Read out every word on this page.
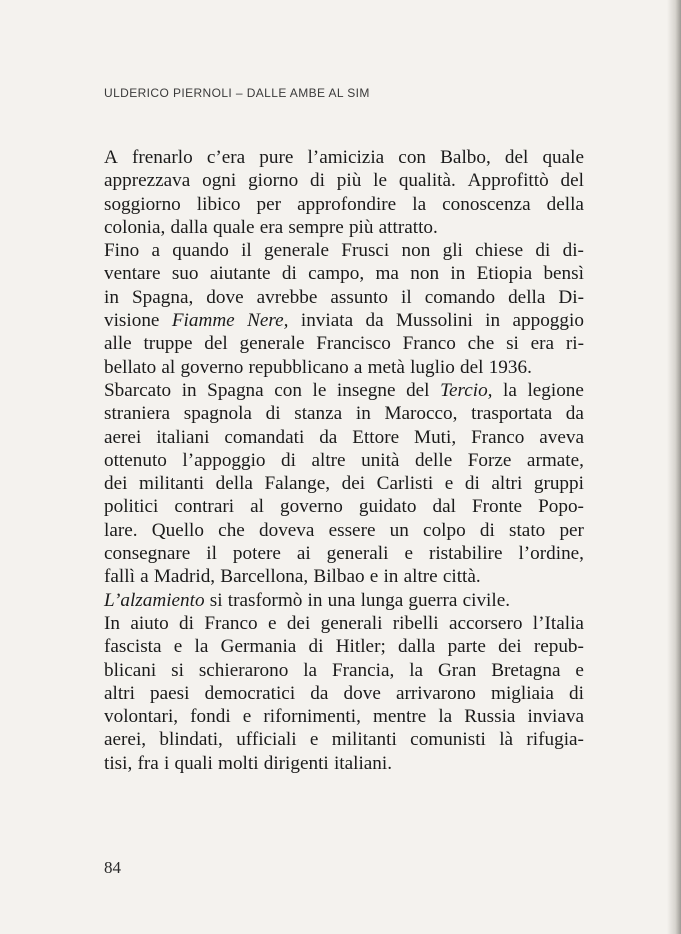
ULDERICO PIERNOLI – DALLE AMBE AL SIM
A frenarlo c’era pure l’amicizia con Balbo, del quale
apprezzava ogni giorno di più le qualità. Approfittò del
soggiorno libico per approfondire la conoscenza della
colonia, dalla quale era sempre più attratto.
Fino a quando il generale Frusci non gli chiese di di-
ventare suo aiutante di campo, ma non in Etiopia bensì
in Spagna, dove avrebbe assunto il comando della Di-
visione Fiamme Nere, inviata da Mussolini in appoggio
alle truppe del generale Francisco Franco che si era ri-
bellato al governo repubblicano a metà luglio del 1936.
Sbarcato in Spagna con le insegne del Tercio, la legione
straniera spagnola di stanza in Marocco, trasportata da
aerei italiani comandati da Ettore Muti, Franco aveva
ottenuto l’appoggio di altre unità delle Forze armate,
dei militanti della Falange, dei Carlisti e di altri gruppi
politici contrari al governo guidato dal Fronte Popo-
lare. Quello che doveva essere un colpo di stato per
consegnare il potere ai generali e ristabilire l’ordine,
fallì a Madrid, Barcellona, Bilbao e in altre città.
L’alzamiento si trasformò in una lunga guerra civile.
In aiuto di Franco e dei generali ribelli accorsero l’Italia
fascista e la Germania di Hitler; dalla parte dei repub-
blicani si schierarono la Francia, la Gran Bretagna e
altri paesi democratici da dove arrivarono migliaia di
volontari, fondi e rifornimenti, mentre la Russia inviava
aerei, blindati, ufficiali e militanti comunisti là rifugia-
tisi, fra i quali molti dirigenti italiani.
84
